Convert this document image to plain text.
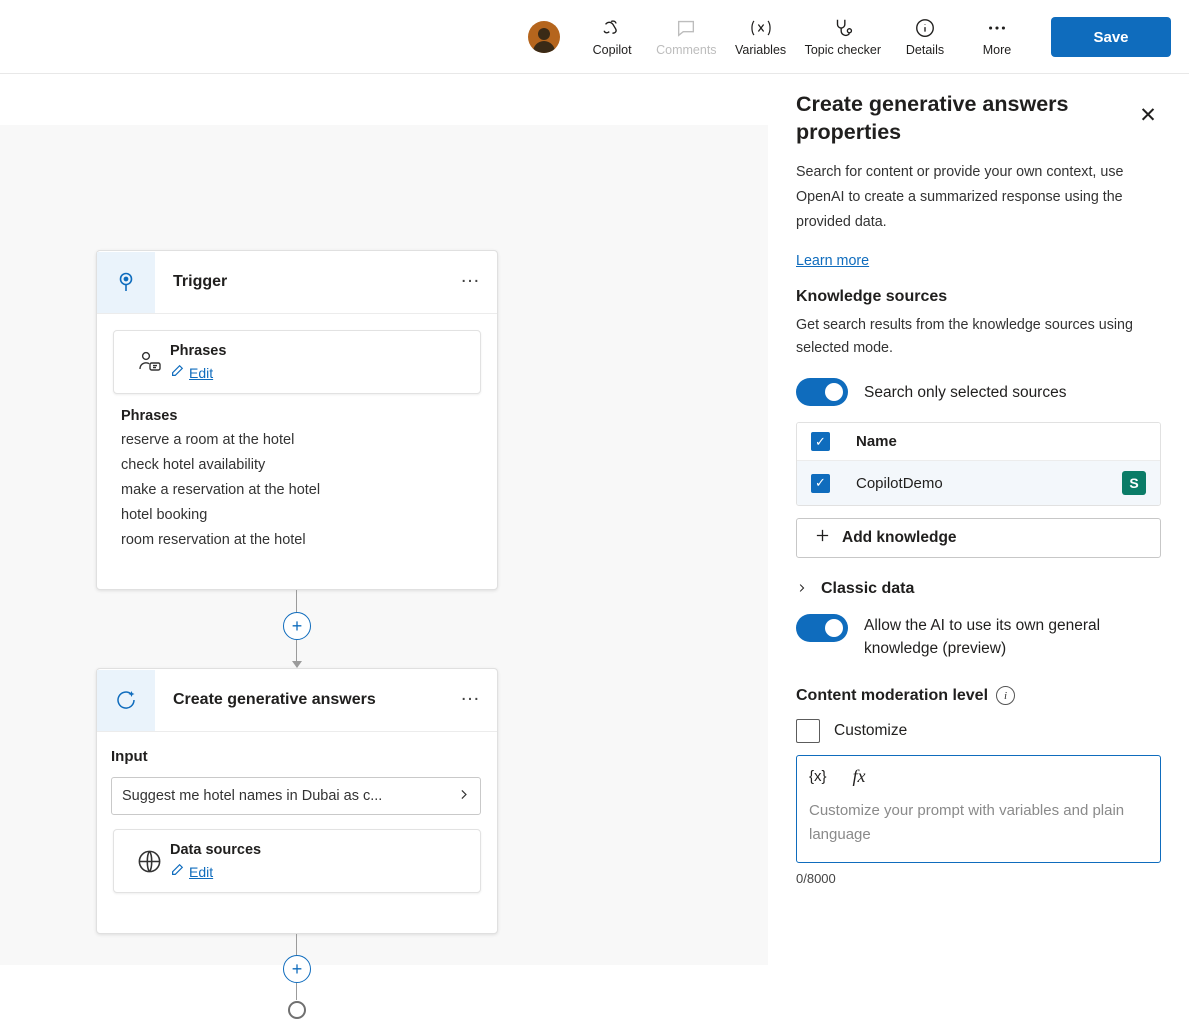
Copilot Comments Variables Topic checker Details	More
Save
Trigger	…
Phrases
Edit
Phrases
reserve a room at the hotel
check hotel availability
make a reservation at the hotel
hotel booking
room reservation at the hotel
+
Create generative answers	…
Input
Suggest me hotel names in Dubai as c...
Data sources
Edit
+
Create generative answers properties
✕
Search for content or provide your own context, use OpenAI to create a summarized response using the provided data.
Learn more
Knowledge sources
Get search results from the knowledge sources using selected mode.
Search only selected sources
✓ Name
✓ CopilotDemo	S
Add knowledge
Classic data
Allow the AI to use its own general knowledge (preview)
Content moderation level	i
Customize
{x} fx
Customize your prompt with variables and plain language
0/8000
